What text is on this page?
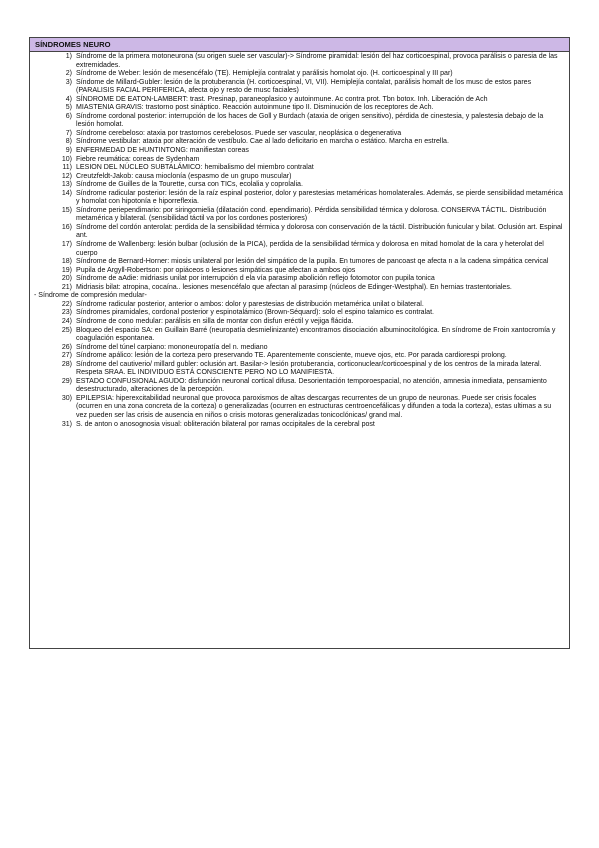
SÍNDROMES NEURO
1) Síndrome de la primera motoneurona (su origen suele ser vascular)-> Síndrome piramidal: lesión del haz corticoespinal, provoca parálisis o paresia de las extremidades.
2) Síndrome de Weber: lesión de mesencéfalo (TE). Hemiplejía contralat y parálisis homolat ojo. (H. corticoespinal y III par)
3) Síndome de Millard-Gubler: lesión de la protuberancia (H. corticoespinal, VI, VII). Hemiplejía contalat, parálisis homalt de los musc de estos pares (PARALISIS FACIAL PERIFERICA, afecta ojo y resto de musc faciales)
4) SÍNDROME DE EATON-LAMBERT: trast. Presinap, paraneoplasico y autoinmune. Ac contra prot. Tbn botox. Inh. Liberación de Ach
5) MIASTENIA GRAVIS: trastorno post sináptico. Reacción autoinmune tipo II. Disminución de los receptores de Ach.
6) Síndrome cordonal posterior: interrupción de los haces de Goll y Burdach (ataxia de origen sensitivo), pérdida de cinestesia, y palestesia debajo de la lesión homolat.
7) Síndrome cerebeloso: ataxia por trastornos cerebelosos. Puede ser vascular, neoplásica o degenerativa
8) Síndrome vestibular: ataxia por alteración de vestíbulo. Cae al lado deficitario en marcha o estático. Marcha en estrella.
9) ENFERMEDAD DE HUNTINTONG: manifiestan coreas
10) Fiebre reumática: coreas de Sydenham
11) LESION DEL NÚCLEO SUBTALÁMICO: hemibalismo del miembro contralat
12) Creutzfeldt-Jakob: causa mioclonía (espasmo de un grupo muscular)
13) Síndrome de Guilles de la Tourette, cursa con TICs, ecolalia y coprolalia.
14) Síndrome radicular posterior: lesión de la raíz espinal posterior, dolor y parestesias metaméricas homolaterales. Además, se pierde sensibilidad metamérica y homolat con hipotonía e hiporreflexia.
15) Síndrome periependimario: por siringomielia (dilatación cond. ependimario). Pérdida sensibilidad térmica y dolorosa. CONSERVA TÁCTIL. Distribución metamérica y bilateral. (sensibilidad táctil va por los cordones posteriores)
16) Síndrome del cordón anterolat: perdida de la sensibilidad térmica y dolorosa con conservación de la táctil. Distribución funicular y bilat. Oclusión art. Espinal ant.
17) Síndrome de Wallenberg: lesión bulbar (oclusión de la PICA), perdida de la sensibilidad térmica y dolorosa en mitad homolat de la cara y heterolat del cuerpo
18) Síndrome de Bernard-Horner: miosis unilateral por lesión del simpático de la pupila. En tumores de pancoast qe afecta n a la cadena simpática cervical
19) Pupila de Argyll-Robertson: por opiáceos o lesiones simpáticas que afectan a ambos ojos
20) Síndrome de aAdie: midriasis unilat por interrupción d ela vía parasimp abolición reflejo fotomotor con pupila tonica
21) Midriasis bilat: atropina, cocaína.. lesiones mesencéfalo que afectan al parasimp (núcleos de Edinger-Westphal). En hernias trastentoriales.
- Síndrome de compresión medular-
22) Síndrome radicular posterior, anterior o ambos: dolor y parestesias de distribución metamérica unilat o bilateral.
23) Síndromes piramidales, cordonal posterior y espinotalámico (Brown-Séquard): solo el espino talamico es contralat.
24) Síndrome de cono medular: parálisis en silla de montar con disfun eréctil y vejiga flácida.
25) Bloqueo del espacio SA: en Guillain Barré (neuropatía desmielinizante) encontramos disociación albuminocitológica. En síndrome de Froin xantocromía y coagulación espontanea.
26) Síndrome del túnel carpiano: mononeuropatía del n. mediano
27) Síndrome apálico: lesión de la corteza pero preservando TE. Aparentemente consciente, mueve ojos, etc. Por parada cardiorespi prolong.
28) Síndrome del cautiverio/ millard gubler: oclusión art. Basilar-> lesión protuberancia, corticonuclear/corticoespinal y de los centros de la mirada lateral. Respeta SRAA. EL INDIVIDUO ESTÁ CONSCIENTE PERO NO LO MANIFIESTA.
29) ESTADO CONFUSIONAL AGUDO: disfunción neuronal cortical difusa. Desorientación temporoespacial, no atención, amnesia inmediata, pensamiento desestructurado, alteraciones de la percepción.
30) EPILEPSIA: hiperexcitabilidad neuronal que provoca paroxismos de altas descargas recurrentes de un grupo de neuronas. Puede ser crisis focales (ocurren en una zona concreta de la corteza) o generalizadas (ocurren en estructuras centroencefálicas y difunden a toda la corteza), estas ultimas a su vez pueden ser las crisis de ausencia en niños o crisis motoras generalizadas tonicoclónicas/ grand mal.
31) S. de anton o anosognosia visual: obliteración bilateral por ramas occipitales de la cerebral post
